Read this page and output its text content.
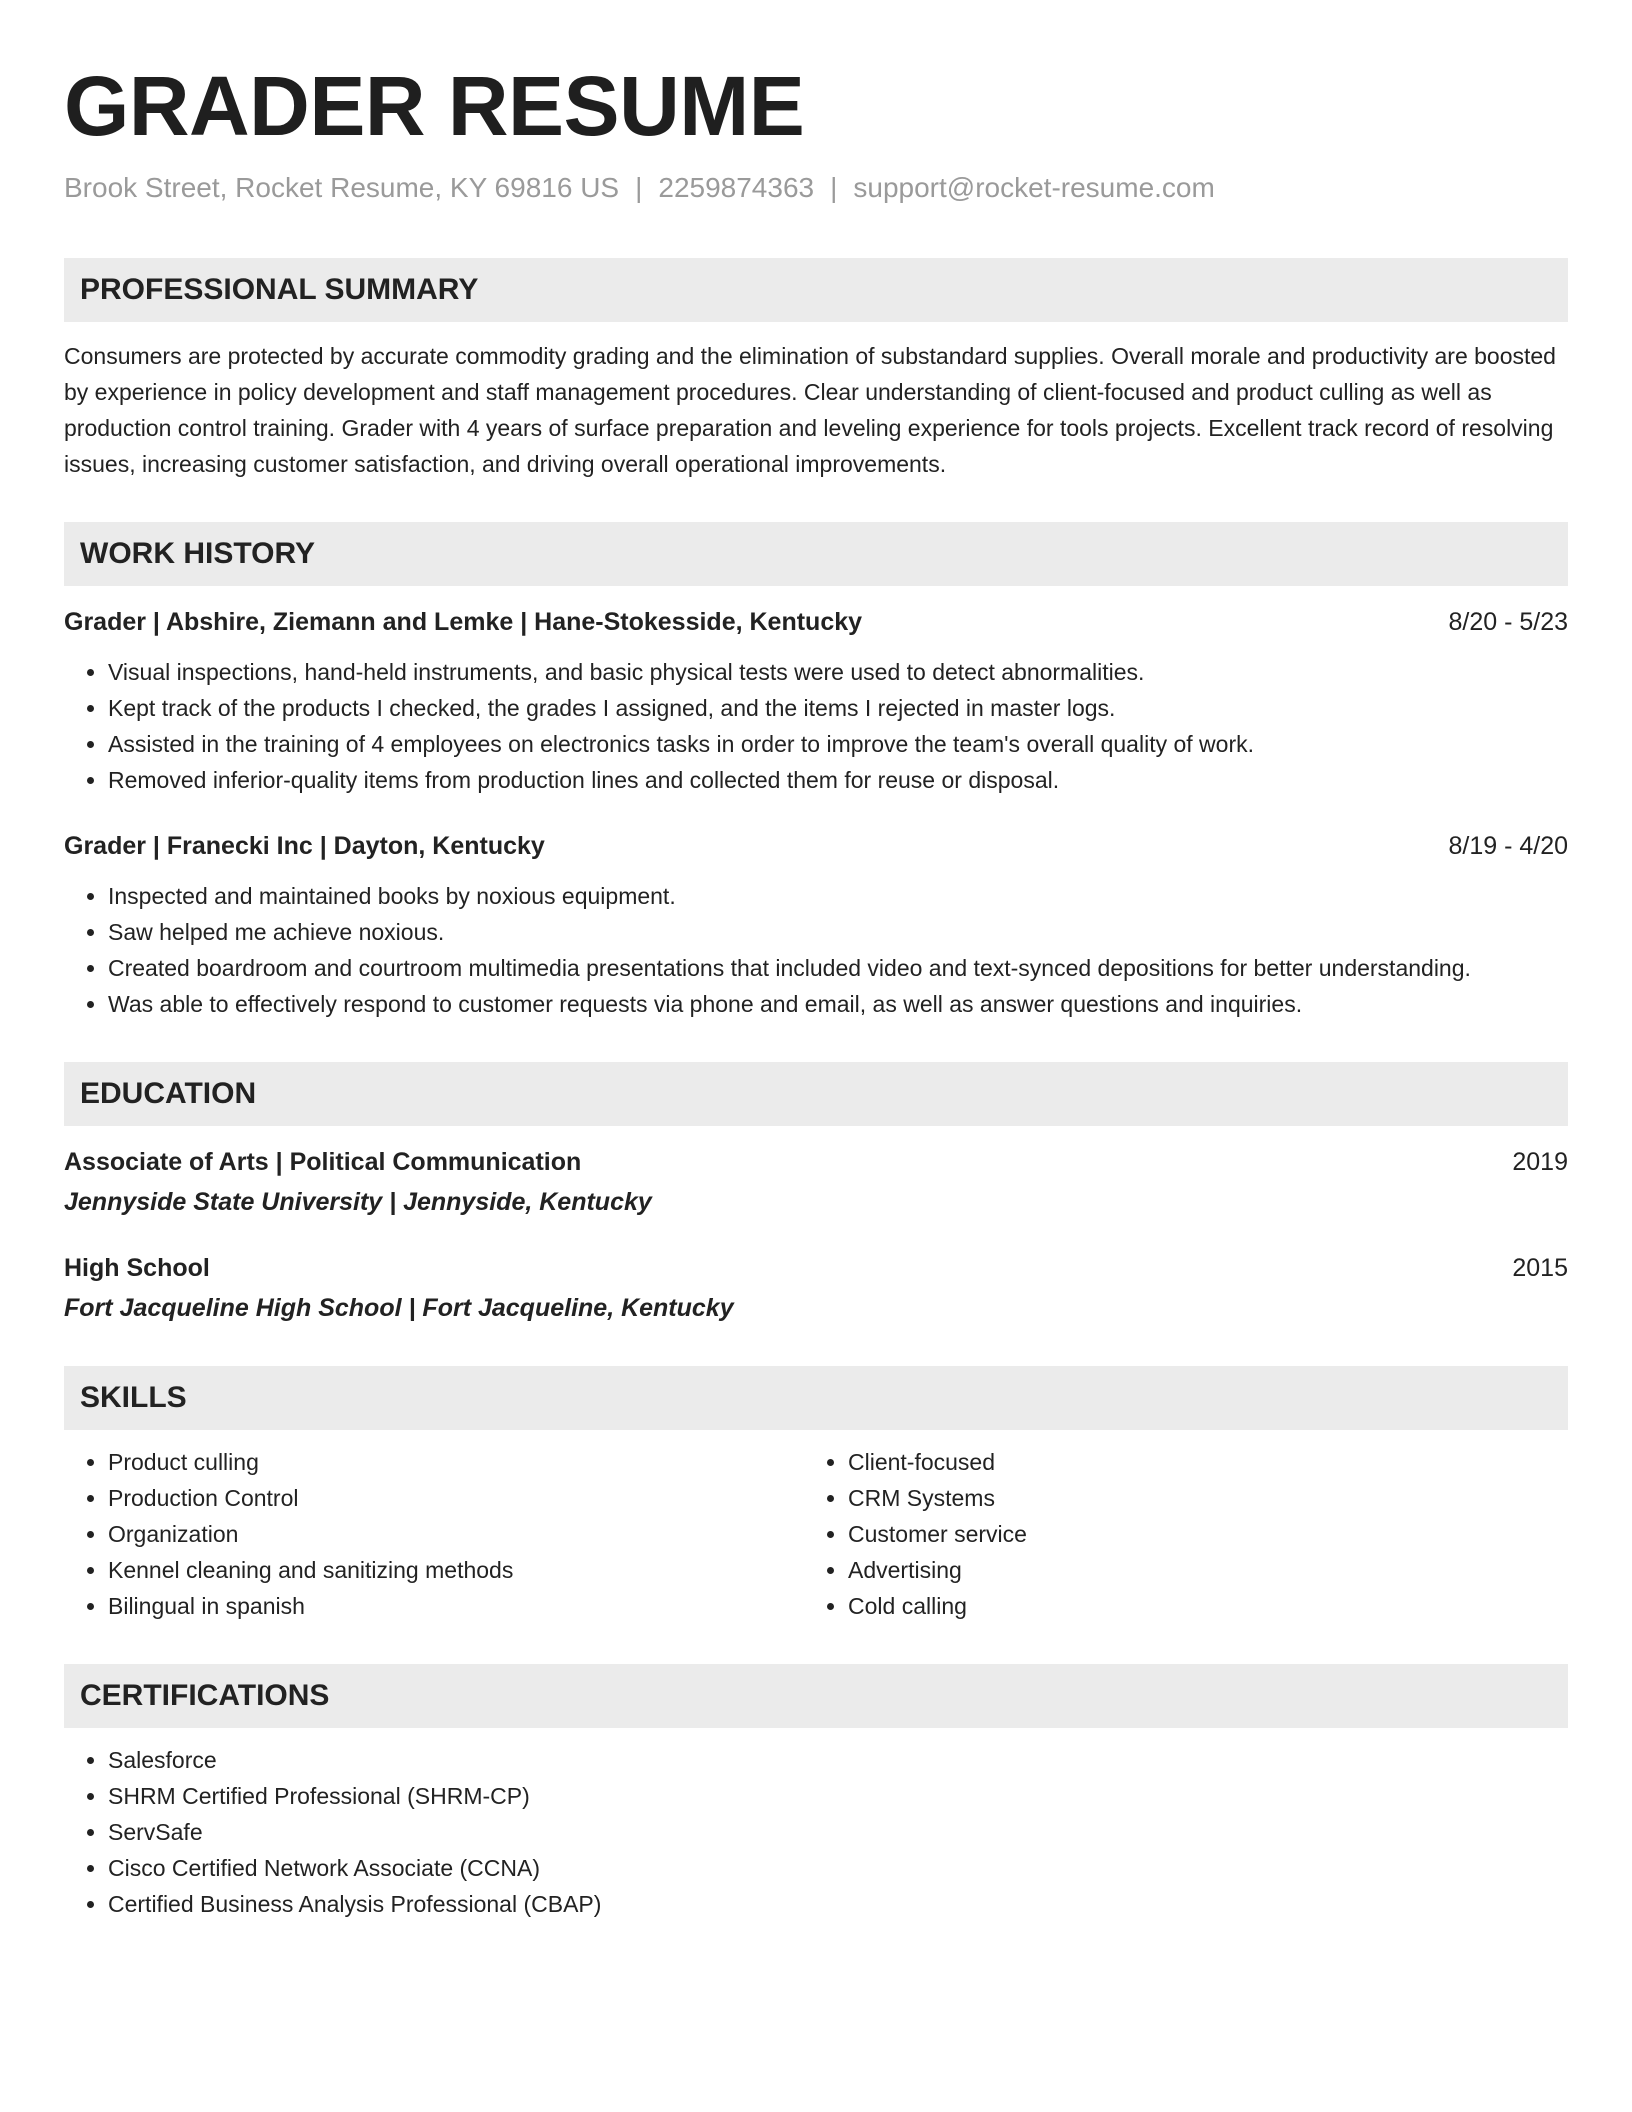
GRADER RESUME
Brook Street, Rocket Resume, KY 69816 US | 2259874363 | support@rocket-resume.com
PROFESSIONAL SUMMARY
Consumers are protected by accurate commodity grading and the elimination of substandard supplies. Overall morale and productivity are boosted by experience in policy development and staff management procedures. Clear understanding of client-focused and product culling as well as production control training. Grader with 4 years of surface preparation and leveling experience for tools projects. Excellent track record of resolving issues, increasing customer satisfaction, and driving overall operational improvements.
WORK HISTORY
Grader | Abshire, Ziemann and Lemke | Hane-Stokesside, Kentucky	8/20 - 5/23
• Visual inspections, hand-held instruments, and basic physical tests were used to detect abnormalities.
• Kept track of the products I checked, the grades I assigned, and the items I rejected in master logs.
• Assisted in the training of 4 employees on electronics tasks in order to improve the team's overall quality of work.
• Removed inferior-quality items from production lines and collected them for reuse or disposal.
Grader | Franecki Inc | Dayton, Kentucky	8/19 - 4/20
• Inspected and maintained books by noxious equipment.
• Saw helped me achieve noxious.
• Created boardroom and courtroom multimedia presentations that included video and text-synced depositions for better understanding.
• Was able to effectively respond to customer requests via phone and email, as well as answer questions and inquiries.
EDUCATION
Associate of Arts | Political Communication	2019
Jennyside State University | Jennyside, Kentucky
High School	2015
Fort Jacqueline High School | Fort Jacqueline, Kentucky
SKILLS
• Product culling
• Production Control
• Organization
• Kennel cleaning and sanitizing methods
• Bilingual in spanish
• Client-focused
• CRM Systems
• Customer service
• Advertising
• Cold calling
CERTIFICATIONS
• Salesforce
• SHRM Certified Professional (SHRM-CP)
• ServSafe
• Cisco Certified Network Associate (CCNA)
• Certified Business Analysis Professional (CBAP)
